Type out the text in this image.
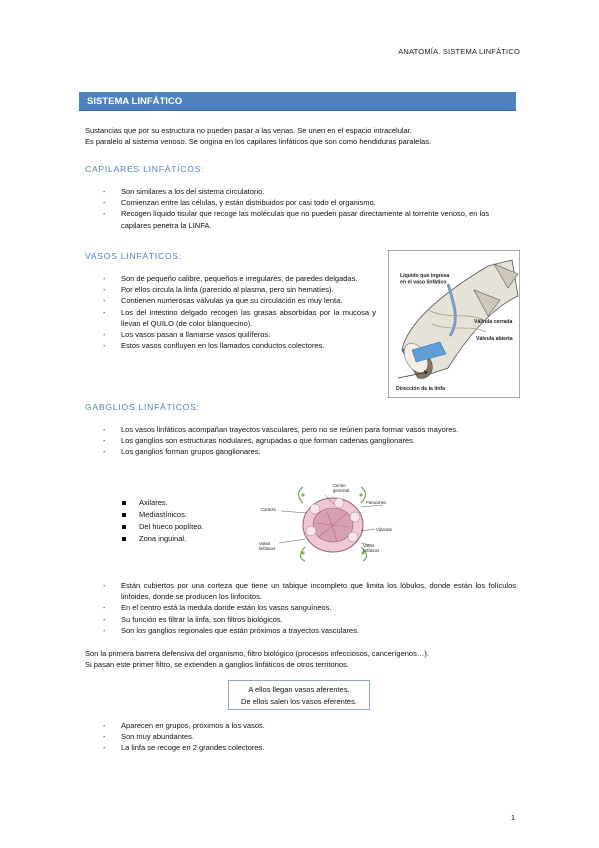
ANATOMÍA. SISTEMA LINFÁTICO
SISTEMA LINFÁTICO
Sustancias que por su estructura no pueden pasar a las venas. Se unen en el espacio intracelular.
Es paralelo al sistema venoso. Se origina en los capilares linfáticos que son como hendiduras paralelas.
CAPILARES LINFÁTICOS:
- Son similares a los del sistema circulatorio.
- Comienzan entre las células, y están distribuidos por casi todo el organismo.
- Recogen líquido tisular que recoge las moléculas que no pueden pasar directamente al torrente venoso, en los capilares penetra la LINFA.
VASOS LINFÁTICOS:
- Son de pequeño calibre, pequeños e irregulares, de paredes delgadas.
- Por ellos circula la linfa (parecido al plasma, pero sin hematíes).
- Contienen numerosas válvulas ya que su circulación es muy lenta.
- Los del intestino delgado recogen las grasas absorbidas por la mucosa y llevan el QUILO (de color blanquecino).
- Los vasos pasan a llamarse vasos quilíferos.
- Estos vasos confluyen en los llamados conductos colectores.
Líquido que ingresa en el vaso linfático
Válvula cerrada
Válvula abierta
Dirección de la linfa
GABGLIOS LINFÁTICOS:
- Los vasos linfáticos acompañan trayectos vasculares, pero no se reúnen para formar vasos mayores.
- Los ganglios son estructuras nodulares, agrupadas o que forman cadenas ganglionares.
- Los ganglios forman grupos ganglionares.
Axilares.
Mediastínicos.
Del hueco poplíteo.
Zona inguinal.
Centro germinal
Paracortex
Corteza
Válvulas
Vasos linfáticos
Vasos linfáticos
- Están cubiertos por una corteza que tiene un tabique incompleto que limita los lóbulos, donde están los folículos linfoides, donde se producen los linfocitos.
- En el centro está la medula donde están los vasos sanguíneos.
- Su función es filtrar la linfa, son filtros biológicos.
- Son los ganglios regionales que están próximos a trayectos vasculares.
Son la primera barrera defensiva del organismo, filtro biológico (procesos infecciosos, cancerígenos…).
Si pasan este primer filtro, se extienden a ganglios linfáticos de otros territorios.
A ellos llegan vasos aferentes.
De ellos salen los vasos eferentes.
- Aparecen en grupos, próximos a los vasos.
- Son muy abundantes.
- La linfa se recoge en 2 grandes colectores.
1
